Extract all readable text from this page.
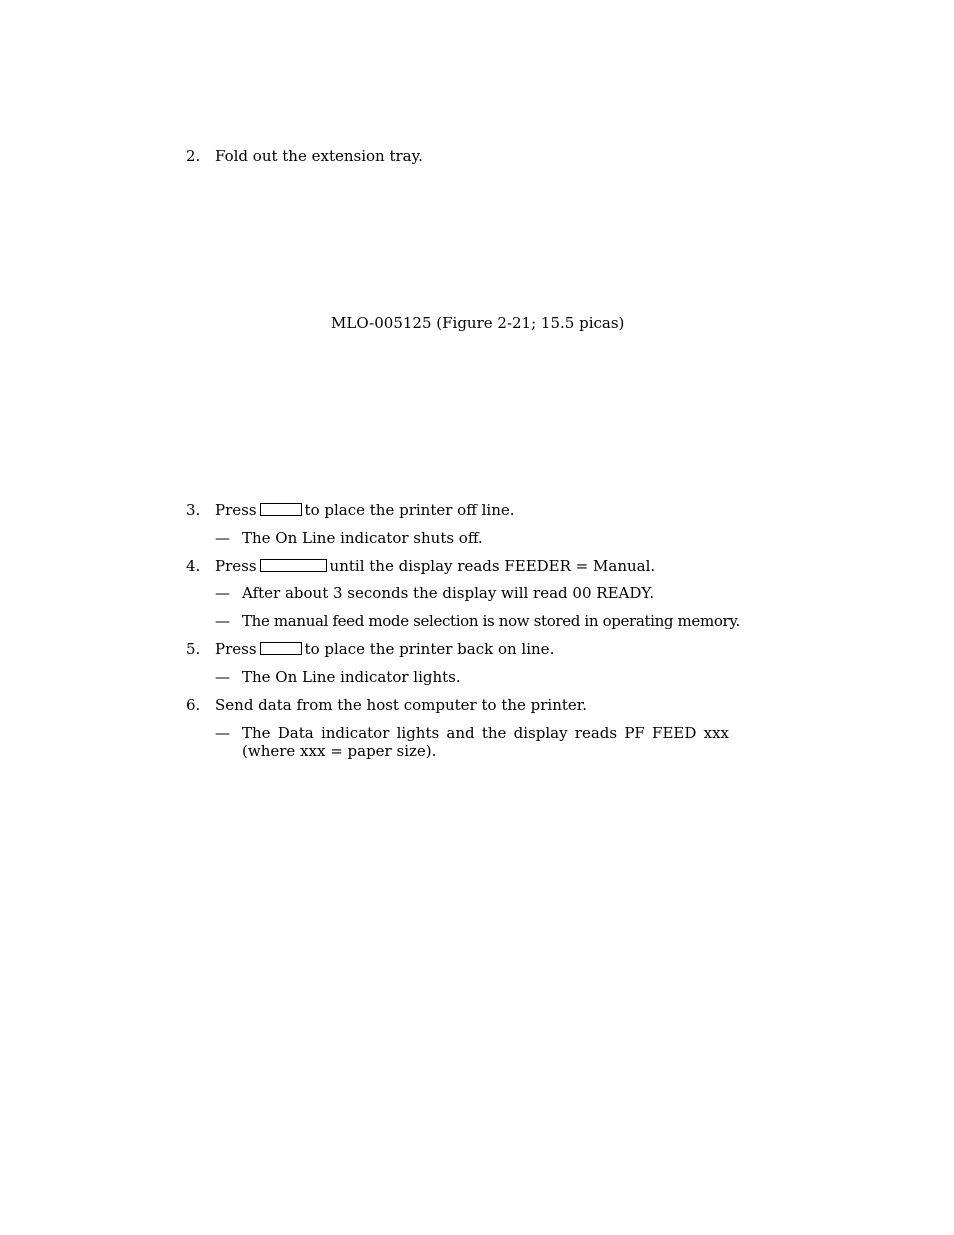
2. Fold out the extension tray.
MLO-005125 (Figure 2-21; 15.5 picas)
3. Press	to place the printer off line.
— The On Line indicator shuts off.
4. Press	until the display reads FEEDER = Manual.
— After about 3 seconds the display will read 00 READY.
— The manual feed mode selection is now stored in operating memory.
5. Press	to place the printer back on line.
— The On Line indicator lights.
6. Send data from the host computer to the printer.
— The Data indicator lights and the display reads PF FEED xxx
(where xxx = paper size).
